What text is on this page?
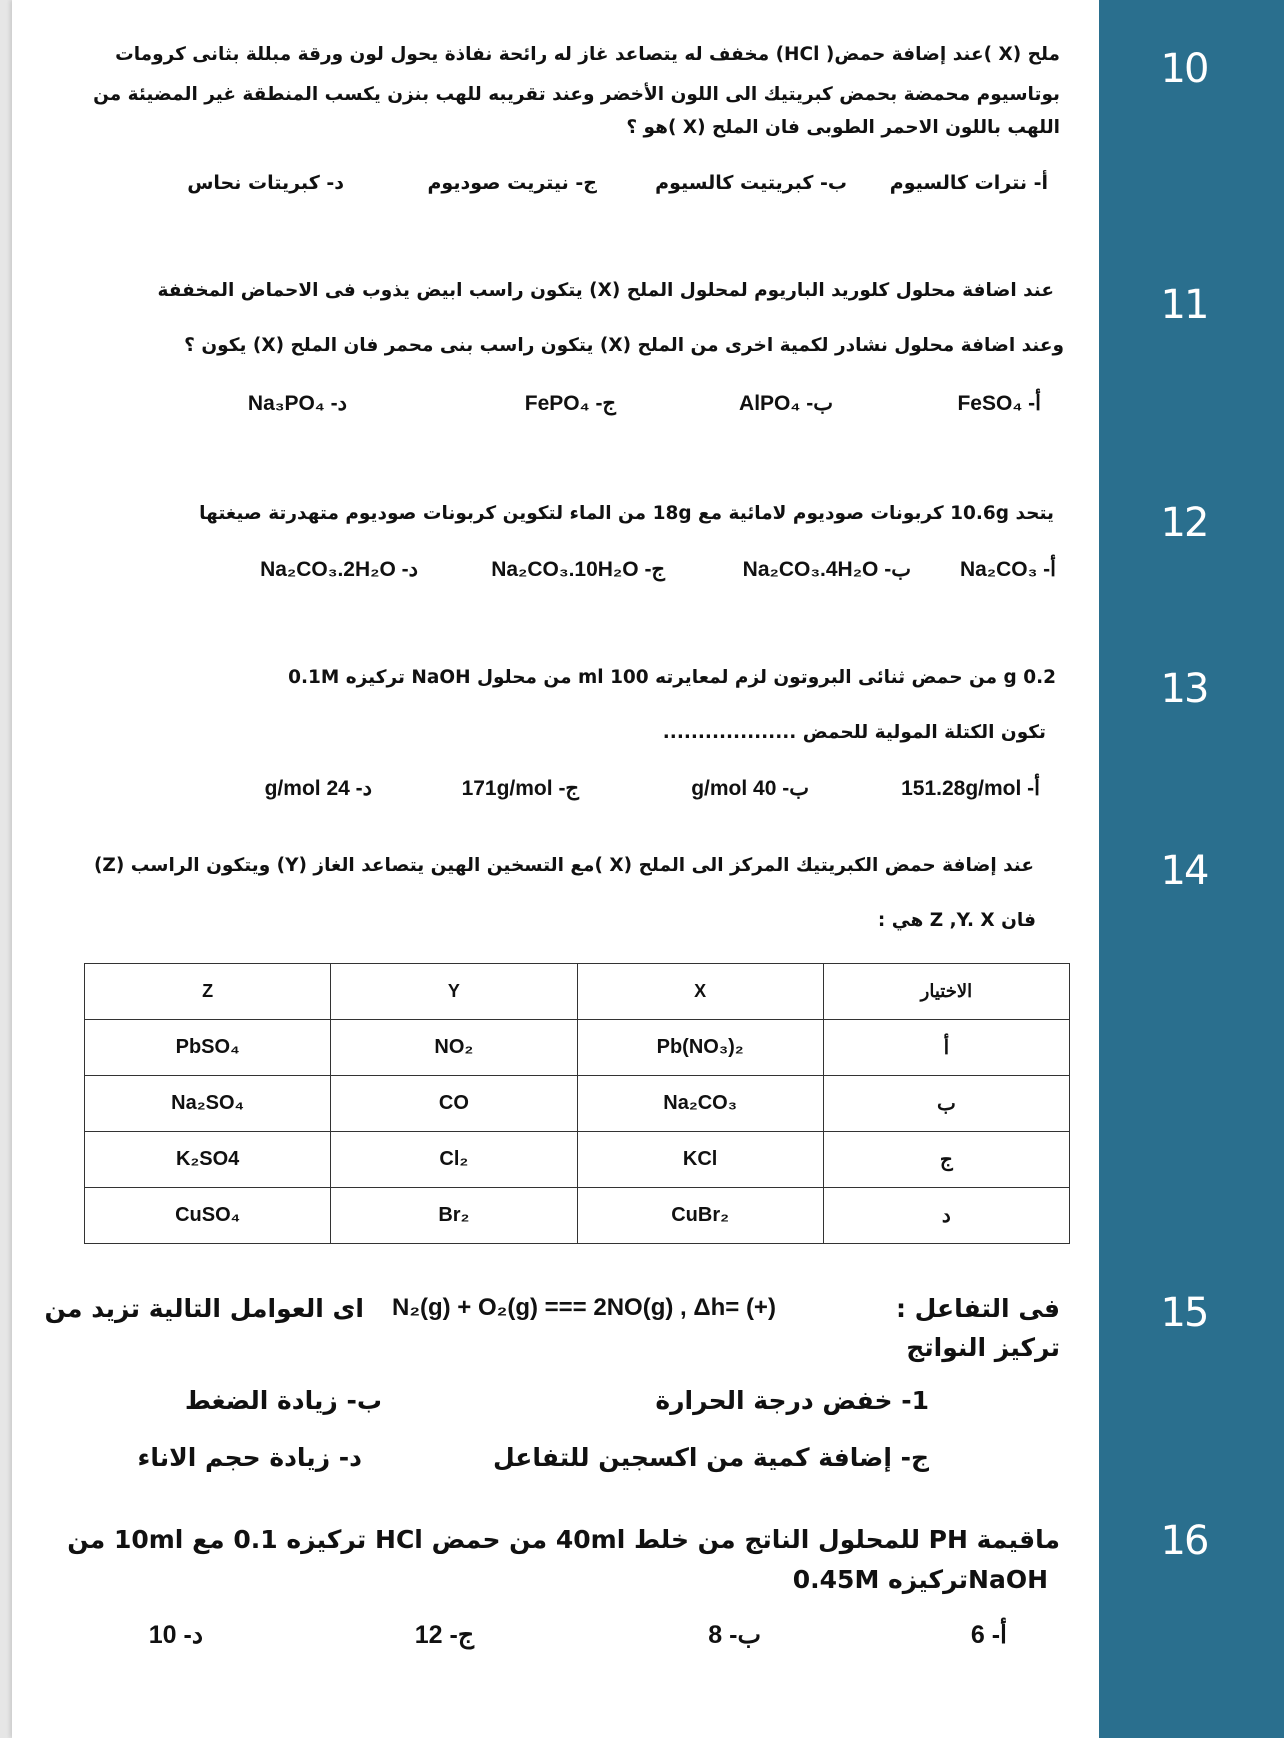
10
11
12
13
14
15
16
ملح (X )عند إضافة حمض( HCl) مخفف له يتصاعد غاز له رائحة نفاذة يحول لون ورقة مبللة بثانى كرومات
بوتاسيوم محمضة بحمض كبريتيك الى اللون الأخضر وعند تقريبه للهب بنزن يكسب المنطقة غير المضيئة من
اللهب باللون الاحمر الطوبى فان الملح (X )هو ؟
أ- نترات كالسيوم
ب- كبريتيت كالسيوم
ج- نيتريت صوديوم
د- كبريتات نحاس
عند اضافة محلول كلوريد الباريوم لمحلول الملح (X) يتكون راسب ابيض يذوب فى الاحماض المخففة
وعند اضافة محلول نشادر لكمية اخرى من الملح (X) يتكون راسب بنى محمر فان الملح (X) يكون ؟
أ- FeSO₄
ب- AlPO₄
ج- FePO₄
د- Na₃PO₄
يتحد 10.6g كربونات صوديوم لامائية مع 18g من الماء لتكوين كربونات صوديوم متهدرتة صيغتها
أ- Na₂CO₃
ب- Na₂CO₃.4H₂O
ج- Na₂CO₃.10H₂O
د- Na₂CO₃.2H₂O
0.2 g من حمض ثنائى البروتون لزم لمعايرته 100 ml من محلول NaOH تركيزه 0.1M
تكون الكتلة المولية للحمض ...................
أ- 151.28g/mol
ب- 40 g/mol
ج- 171g/mol
د- 24 g/mol
عند إضافة حمض الكبريتيك المركز الى الملح (X )مع التسخين الهين يتصاعد الغاز (Y) ويتكون الراسب (Z)
فان Z ,Y. X هي :
الاختيار	X	Y	Z
أ	Pb(NO₃)₂	NO₂	PbSO₄
ب	Na₂CO₃	CO	Na₂SO₄
ج	KCl	Cl₂	K₂SO4
د	CuBr₂	Br₂	CuSO₄
فى التفاعل :
N₂(g) + O₂(g) === 2NO(g) , Δh= (+)
اى العوامل التالية تزيد من
تركيز النواتج
1- خفض درجة الحرارة
ب- زيادة الضغط
ج- إضافة كمية من اكسجين للتفاعل
د- زيادة حجم الاناء
ماقيمة PH للمحلول الناتج من خلط 40ml من حمض HCl تركيزه 0.1 مع 10ml من
NaOHتركيزه 0.45M
أ- 6
ب- 8
ج- 12
د- 10
